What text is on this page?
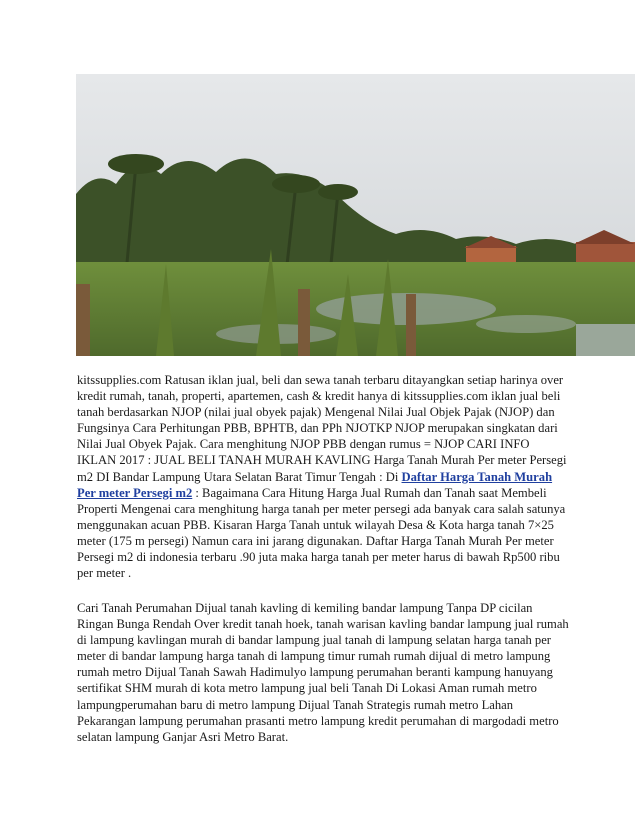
kitssupplies.com Ratusan iklan jual, beli dan sewa tanah terbaru ditayangkan setiap harinya over kredit rumah, tanah, properti, apartemen, cash & kredit hanya di kitssupplies.com iklan jual beli tanah berdasarkan NJOP (nilai jual obyek pajak) Mengenal Nilai Jual Objek Pajak (NJOP) dan Fungsinya Cara Perhitungan PBB, BPHTB, dan PPh NJOTKP NJOP merupakan singkatan dari Nilai Jual Obyek Pajak. Cara menghitung NJOP PBB dengan rumus = NJOP CARI INFO IKLAN 2017 : JUAL BELI TANAH MURAH KAVLING Harga Tanah Murah Per meter Persegi m2 DI Bandar Lampung Utara Selatan Barat Timur Tengah : Di Daftar Harga Tanah Murah Per meter Persegi m2 : Bagaimana Cara Hitung Harga Jual Rumah dan Tanah saat Membeli Properti Mengenai cara menghitung harga tanah per meter persegi ada banyak cara salah satunya menggunakan acuan PBB. Kisaran Harga Tanah untuk wilayah Desa & Kota harga tanah 7×25 meter (175 m persegi) Namun cara ini jarang digunakan. Daftar Harga Tanah Murah Per meter Persegi m2 di indonesia terbaru .90 juta maka harga tanah per meter harus di bawah Rp500 ribu per meter .

Cari Tanah Perumahan Dijual tanah kavling di kemiling bandar lampung Tanpa DP cicilan Ringan Bunga Rendah Over kredit tanah hoek, tanah warisan kavling bandar lampung jual rumah di lampung kavlingan murah di bandar lampung jual tanah di lampung selatan harga tanah per meter di bandar lampung harga tanah di lampung timur rumah rumah dijual di metro lampung rumah metro Dijual Tanah Sawah Hadimulyo lampung perumahan beranti kampung hanuyang sertifikat SHM murah di kota metro lampung jual beli Tanah Di Lokasi Aman rumah metro lampungperumahan baru di metro lampung Dijual Tanah Strategis rumah metro Lahan Pekarangan lampung perumahan prasanti metro lampung kredit perumahan di margodadi metro selatan lampung Ganjar Asri Metro Barat.
